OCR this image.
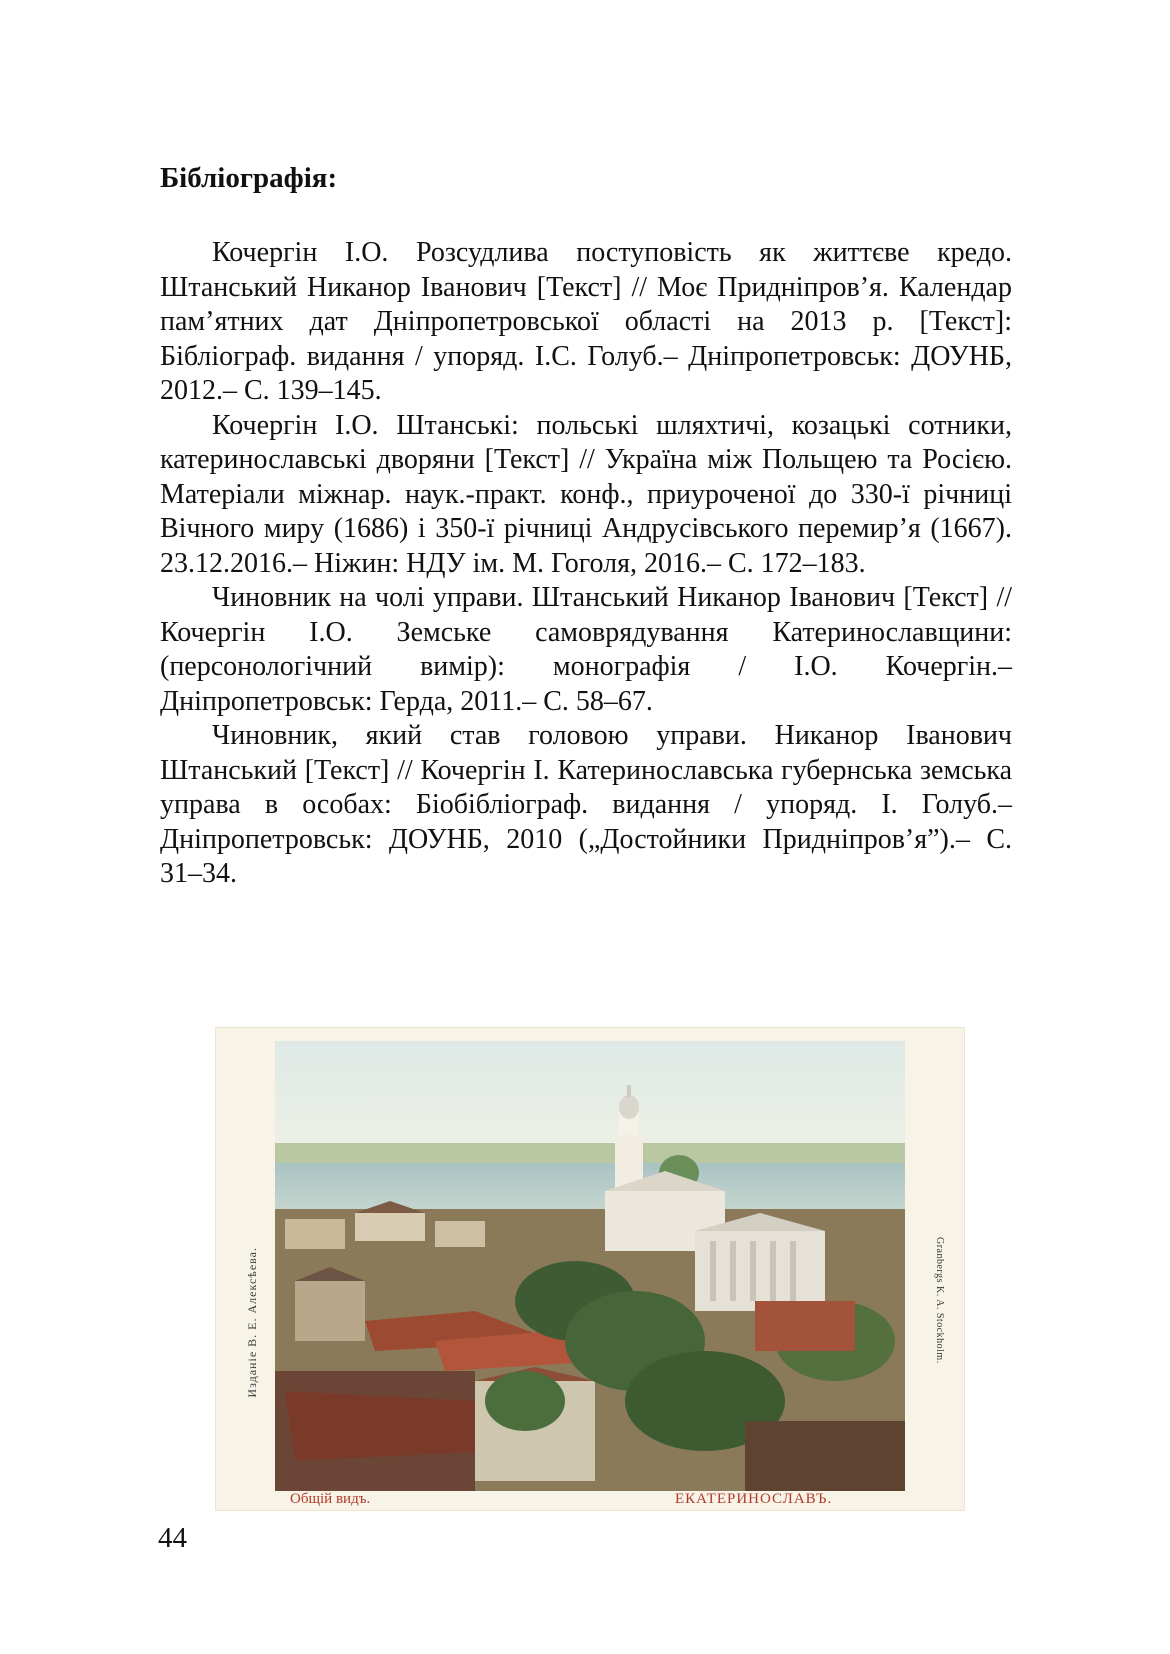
Бібліографія:

Кочергін І.О. Розсудлива поступовість як життєве кредо. Штанський Никанор Іванович [Текст] // Моє Придніпров’я. Календар пам’ятних дат Дніпропетровської області на 2013 р. [Текст]: Бібліограф. видання / упоряд. І.С. Голуб.– Дніпропетровськ: ДОУНБ, 2012.– С. 139–145.

Кочергін І.О. Штанські: польські шляхтичі, козацькі сотники, катеринославські дворяни [Текст] // Україна між Польщею та Росією. Матеріали міжнар. наук.-практ. конф., приуроченої до 330-ї річниці Вічного миру (1686) і 350-ї річниці Андрусівського перемир’я (1667). 23.12.2016.– Ніжин: НДУ ім. М. Гоголя, 2016.– С. 172–183.

Чиновник на чолі управи. Штанський Никанор Іванович [Текст] // Кочергін І.О. Земське самоврядування Катеринославщини: (персонологічний вимір): монографія / І.О. Кочергін.– Дніпропетровськ: Герда, 2011.– С. 58–67.

Чиновник, який став головою управи. Никанор Іванович Штанський [Текст] // Кочергін І. Катеринославська губернська земська управа в особах: Біобібліограф. видання / упоряд. І. Голуб.– Дніпропетровськ: ДОУНБ, 2010 („Достойники Придніпров’я”).– С. 31–34.

Изданіе В. Е. Алексѣева.	Granbergs K. A. Stockholm.
Общій видъ.	ЕКАТЕРИНОСЛАВЪ.
44
